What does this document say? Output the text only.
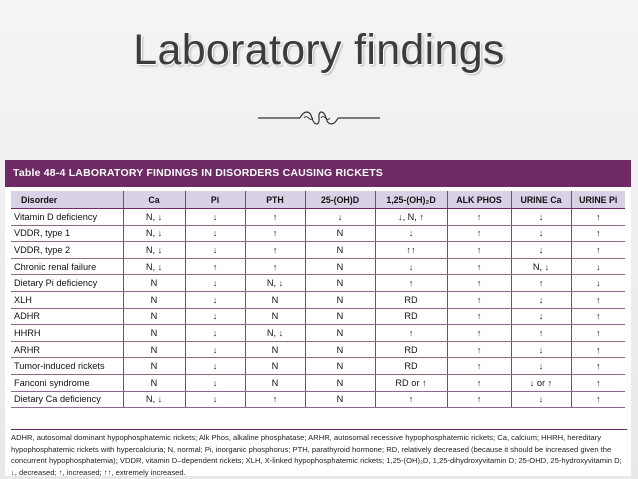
Laboratory findings
Table 48-4 LABORATORY FINDINGS IN DISORDERS CAUSING RICKETS
Disorder	Ca	Pi	PTH	25-(OH)D	1,25-(OH)₂D	ALK PHOS	URINE Ca	URINE Pi
Vitamin D deficiency	N, ↓	↓	↑	↓	↓, N, ↑	↑	↓	↑
VDDR, type 1	N, ↓	↓	↑	N	↓	↑	↓	↑
VDDR, type 2	N, ↓	↓	↑	N	↑↑	↑	↓	↑
Chronic renal failure	N, ↓	↑	↑	N	↓	↑	N, ↓	↓
Dietary Pi deficiency	N	↓	N, ↓	N	↑	↑	↑	↓
XLH	N	↓	N	N	RD	↑	↓	↑
ADHR	N	↓	N	N	RD	↑	↓	↑
HHRH	N	↓	N, ↓	N	↑	↑	↑	↑
ARHR	N	↓	N	N	RD	↑	↓	↑
Tumor-induced rickets	N	↓	N	N	RD	↑	↓	↑
Fanconi syndrome	N	↓	N	N	RD or ↑	↑	↓ or ↑	↑
Dietary Ca deficiency	N, ↓	↓	↑	N	↑	↑	↓	↑
ADHR, autosomal dominant hypophosphatemic rickets; Alk Phos, alkaline phosphatase; ARHR, autosomal recessive hypophosphatemic rickets; Ca, calcium; HHRH, hereditary hypophosphatemic rickets with hypercalciuria; N, normal; Pi, inorganic phosphorus; PTH, parathyroid hormone; RD, relatively decreased (because it should be increased given the concurrent hypophosphatemia); VDDR, vitamin D–dependent rickets; XLH, X-linked hypophosphatemic rickets; 1,25-(OH)₂D, 1,25-dihydroxyvitamin D; 25-OHD, 25-hydroxyvitamin D; ↓, decreased; ↑, increased; ↑↑, extremely increased.
